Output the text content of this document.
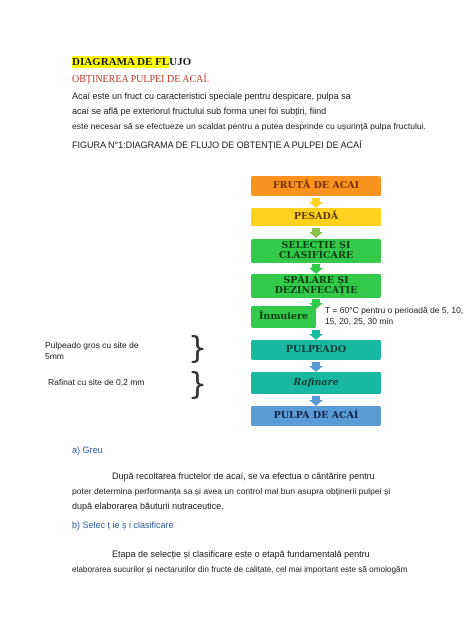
DIAGRAMA DE FLUJO
OBȚINEREA PULPEI DE ACAÍ.
Acaí este un fruct cu caracteristici speciale pentru despicare, pulpa sa
acaí se află pe exteriorul fructului sub forma unei foi subțiri, fiind
este necesar să se efectueze un scaldat pentru a putea desprinde cu ușurință pulpa fructului.
FIGURA N°1:DIAGRAMA DE FLUJO DE OBTENȚIE A PULPEI DE ACAÍ
FRUTĂ DE ACAI
PESADĂ
SELECȚIE ȘI CLASIFICARE
SPĂLARE ȘI DEZINFECAȚIE
Înmuiere
T = 60°C pentru o perioadă de 5, 10, 15, 20, 25, 30 min
PULPEADO
Rafinare
PULPA DE ACAÍ
Pulpeado gros cu site de 5mm	}
Rafinat cu site de 0,2 mm }
a) Greu
După recoltarea fructelor de acaí, se va efectua o cântărire pentru
poter determina performanța sa și avea un control mai bun asupra obținerii pulpei și
după elaborarea băuturii nutraceutice.
b) Selec ț ie ș i clasificare
Etapa de selecție și clasificare este o etapă fundamentală pentru
elaborarea sucurilor și nectarurilor din fructe de calitate, cel mai important este să omologăm
